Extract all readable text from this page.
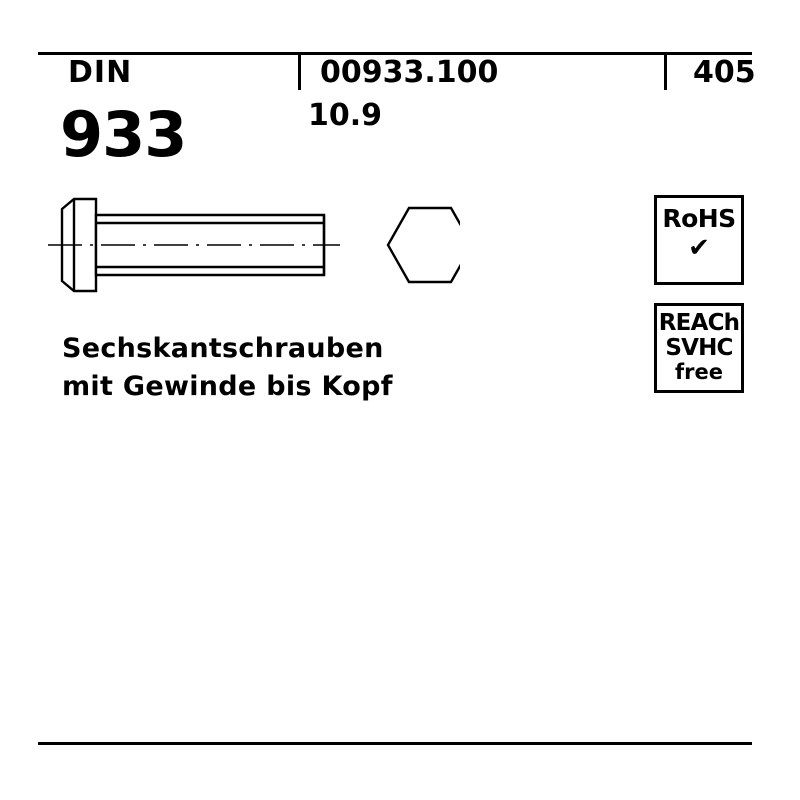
DIN	00933.100	405
933	10.9
Sechskantschrauben
mit Gewinde bis Kopf
RoHS
✔
REACh
SVHC
free
